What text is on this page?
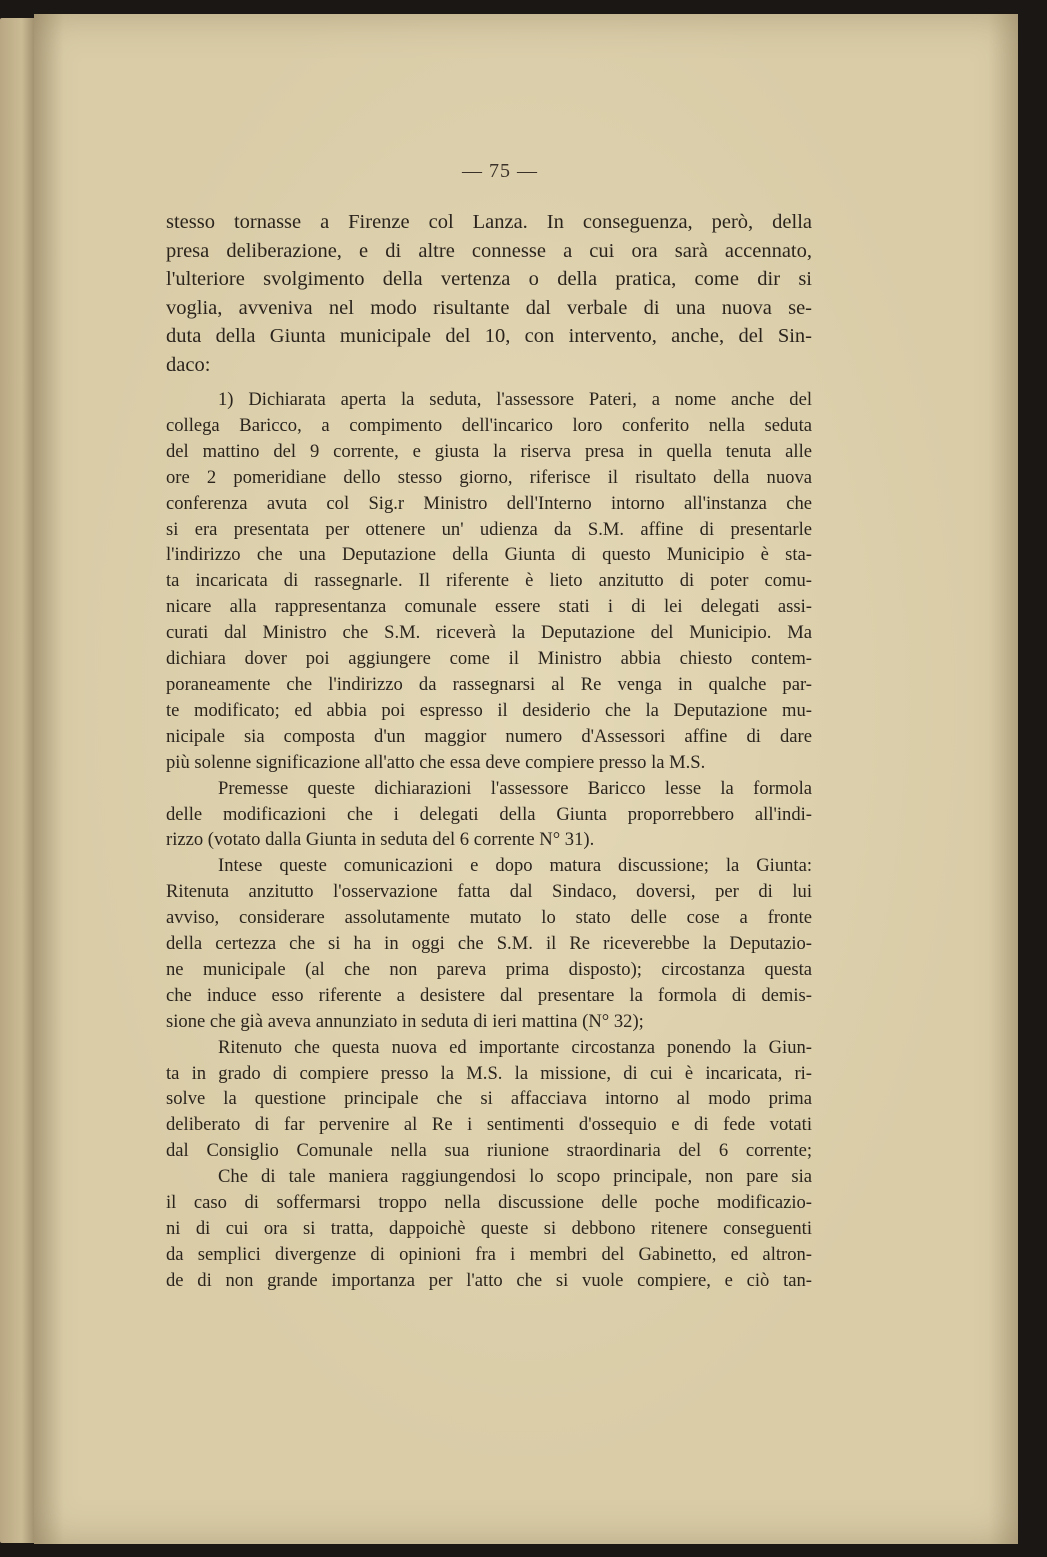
— 75 —
stesso tornasse a Firenze col Lanza. In conseguenza, però, della
presa deliberazione, e di altre connesse a cui ora sarà accennato,
l'ulteriore svolgimento della vertenza o della pratica, come dir si
voglia, avveniva nel modo risultante dal verbale di una nuova se-
duta della Giunta municipale del 10, con intervento, anche, del Sin-
daco:
1) Dichiarata aperta la seduta, l'assessore Pateri, a nome anche del
collega Baricco, a compimento dell'incarico loro conferito nella seduta
del mattino del 9 corrente, e giusta la riserva presa in quella tenuta alle
ore 2 pomeridiane dello stesso giorno, riferisce il risultato della nuova
conferenza avuta col Sig.r Ministro dell'Interno intorno all'instanza che
si era presentata per ottenere un' udienza da S.M. affine di presentarle
l'indirizzo che una Deputazione della Giunta di questo Municipio è sta-
ta incaricata di rassegnarle. Il riferente è lieto anzitutto di poter comu-
nicare alla rappresentanza comunale essere stati i di lei delegati assi-
curati dal Ministro che S.M. riceverà la Deputazione del Municipio. Ma
dichiara dover poi aggiungere come il Ministro abbia chiesto contem-
poraneamente che l'indirizzo da rassegnarsi al Re venga in qualche par-
te modificato; ed abbia poi espresso il desiderio che la Deputazione mu-
nicipale sia composta d'un maggior numero d'Assessori affine di dare
più solenne significazione all'atto che essa deve compiere presso la M.S.
Premesse queste dichiarazioni l'assessore Baricco lesse la formola
delle modificazioni che i delegati della Giunta proporrebbero all'indi-
rizzo (votato dalla Giunta in seduta del 6 corrente N° 31).
Intese queste comunicazioni e dopo matura discussione; la Giunta:
Ritenuta anzitutto l'osservazione fatta dal Sindaco, doversi, per di lui
avviso, considerare assolutamente mutato lo stato delle cose a fronte
della certezza che si ha in oggi che S.M. il Re riceverebbe la Deputazio-
ne municipale (al che non pareva prima disposto); circostanza questa
che induce esso riferente a desistere dal presentare la formola di demis-
sione che già aveva annunziato in seduta di ieri mattina (N° 32);
Ritenuto che questa nuova ed importante circostanza ponendo la Giun-
ta in grado di compiere presso la M.S. la missione, di cui è incaricata, ri-
solve la questione principale che si affacciava intorno al modo prima
deliberato di far pervenire al Re i sentimenti d'ossequio e di fede votati
dal Consiglio Comunale nella sua riunione straordinaria del 6 corrente;
Che di tale maniera raggiungendosi lo scopo principale, non pare sia
il caso di soffermarsi troppo nella discussione delle poche modificazio-
ni di cui ora si tratta, dappoichè queste si debbono ritenere conseguenti
da semplici divergenze di opinioni fra i membri del Gabinetto, ed altron-
de di non grande importanza per l'atto che si vuole compiere, e ciò tan-
